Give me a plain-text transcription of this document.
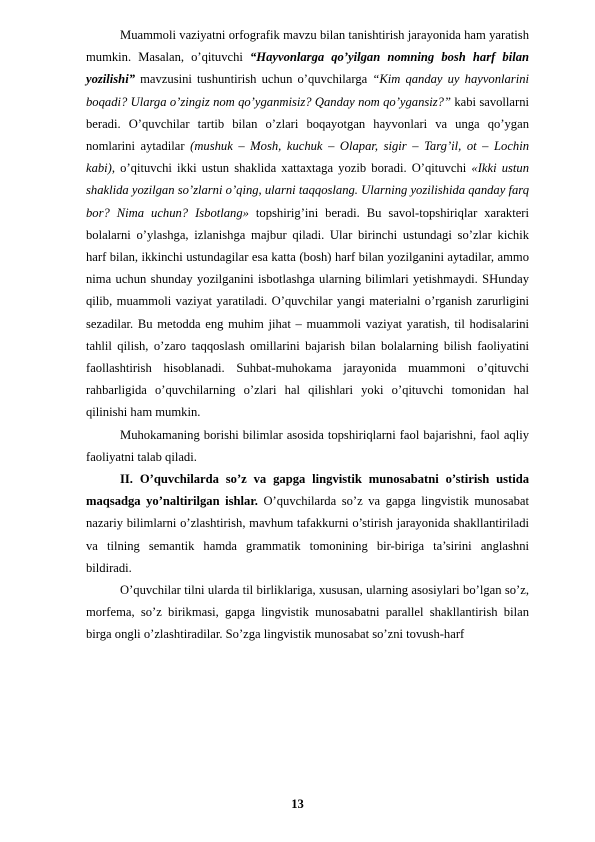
Muammoli vaziyatni orfografik mavzu bilan tanishtirish jarayonida ham yaratish mumkin. Masalan, o’qituvchi “Hayvonlarga qo’yilgan nomning bosh harf bilan yozilishi” mavzusini tushuntirish uchun o’quvchilarga “Kim qanday uy hayvonlarini boqadi? Ularga o’zingiz nom qo’yganmisiz? Qanday nom qo’ygansiz?” kabi savollarni beradi. O’quvchilar tartib bilan o’zlari boqayotgan hayvonlari va unga qo’ygan nomlarini aytadilar (mushuk – Mosh, kuchuk – Olapar, sigir – Targ’il, ot – Lochin kabi), o’qituvchi ikki ustun shaklida xattaxtaga yozib boradi. O’qituvchi «Ikki ustun shaklida yozilgan so’zlarni o’qing, ularni taqqoslang. Ularning yozilishida qanday farq bor? Nima uchun? Isbotlang» topshirig’ini beradi. Bu savol-topshiriqlar xarakteri bolalarni o’ylashga, izlanishga majbur qiladi. Ular birinchi ustundagi so’zlar kichik harf bilan, ikkinchi ustundagilar esa katta (bosh) harf bilan yozilganini aytadilar, ammo nima uchun shunday yozilganini isbotlashga ularning bilimlari yetishmaydi. SHunday qilib, muammoli vaziyat yaratiladi. O’quvchilar yangi materialni o’rganish zarurligini sezadilar. Bu metodda eng muhim jihat – muammoli vaziyat yaratish, til hodisalarini tahlil qilish, o’zaro taqqoslash omillarini bajarish bilan bolalarning bilish faoliyatini faollashtirish hisoblanadi. Suhbat-muhokama jarayonida muammoni o’qituvchi rahbarligida o’quvchilarning o’zlari hal qilishlari yoki o’qituvchi tomonidan hal qilinishi ham mumkin.

Muhokamaning borishi bilimlar asosida topshiriqlarni faol bajarishni, faol aqliy faoliyatni talab qiladi.

II. O’quvchilarda so’z va gapga lingvistik munosabatni o’stirish ustida maqsadga yo’naltirilgan ishlar. O’quvchilarda so’z va gapga lingvistik munosabat nazariy bilimlarni o’zlashtirish, mavhum tafakkurni o’stirish jarayonida shakllantiriladi va tilning semantik hamda grammatik tomonining bir-biriga ta’sirini anglashni bildiradi.

O’quvchilar tilni ularda til birliklariga, xususan, ularning asosiylari bo’lgan so’z, morfema, so’z birikmasi, gapga lingvistik munosabatni parallel shakllantirish bilan birga ongli o’zlashtiradilar. So’zga lingvistik munosabat so’zni tovush-harf

13
